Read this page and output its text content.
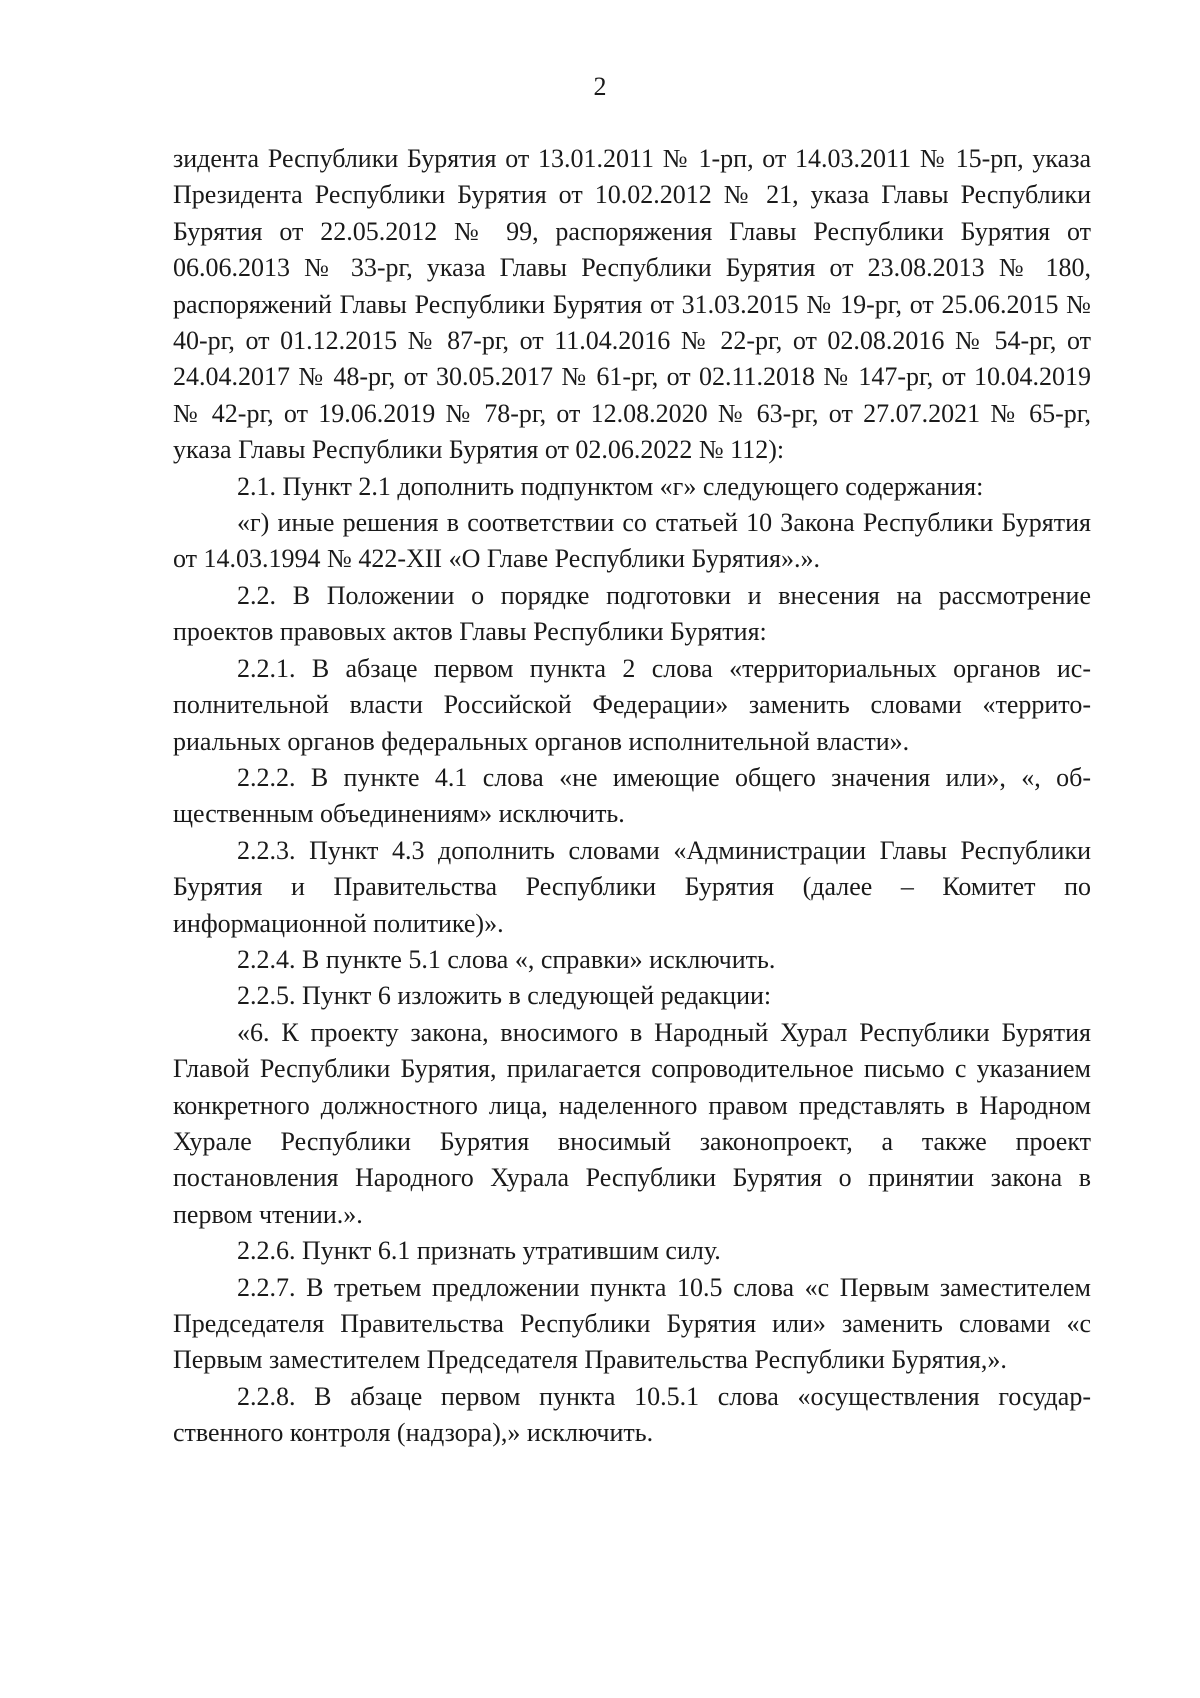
2

зидента Республики Бурятия от 13.01.2011 № 1-рп, от 14.03.2011 № 15-рп, указа Президента Республики Бурятия от 10.02.2012 № 21, указа Главы Республики Бурятия от 22.05.2012 № 99, распоряжения Главы Республики Бурятия от 06.06.2013 № 33-рг, указа Главы Республики Бурятия от 23.08.2013 № 180, распоряжений Главы Республики Бурятия от 31.03.2015 № 19-рг, от 25.06.2015 № 40-рг, от 01.12.2015 № 87-рг, от 11.04.2016 № 22-рг, от 02.08.2016 № 54-рг, от 24.04.2017 № 48-рг, от 30.05.2017 № 61-рг, от 02.11.2018 № 147-рг, от 10.04.2019 № 42-рг, от 19.06.2019 № 78-рг, от 12.08.2020 № 63-рг, от 27.07.2021 № 65-рг, указа Главы Республики Бурятия от 02.06.2022 № 112):

2.1. Пункт 2.1 дополнить подпунктом «г» следующего содержания:

«г) иные решения в соответствии со статьей 10 Закона Республики Бурятия от 14.03.1994 № 422-XII «О Главе Республики Бурятия».».

2.2. В Положении о порядке подготовки и внесения на рассмотрение проектов правовых актов Главы Республики Бурятия:

2.2.1. В абзаце первом пункта 2 слова «территориальных органов исполнительной власти Российской Федерации» заменить словами «территориальных органов федеральных органов исполнительной власти».

2.2.2. В пункте 4.1 слова «не имеющие общего значения или», «, общественным объединениям» исключить.

2.2.3. Пункт 4.3 дополнить словами «Администрации Главы Республики Бурятия и Правительства Республики Бурятия (далее – Комитет по информационной политике)».

2.2.4. В пункте 5.1 слова «, справки» исключить.

2.2.5. Пункт 6 изложить в следующей редакции:

«6. К проекту закона, вносимого в Народный Хурал Республики Бурятия Главой Республики Бурятия, прилагается сопроводительное письмо с указанием конкретного должностного лица, наделенного правом представлять в Народном Хурале Республики Бурятия вносимый законопроект, а также проект постановления Народного Хурала Республики Бурятия о принятии закона в первом чтении.».

2.2.6. Пункт 6.1 признать утратившим силу.

2.2.7. В третьем предложении пункта 10.5 слова «с Первым заместителем Председателя Правительства Республики Бурятия или» заменить словами «с Первым заместителем Председателя Правительства Республики Бурятия,».

2.2.8. В абзаце первом пункта 10.5.1 слова «осуществления государственного контроля (надзора),» исключить.
